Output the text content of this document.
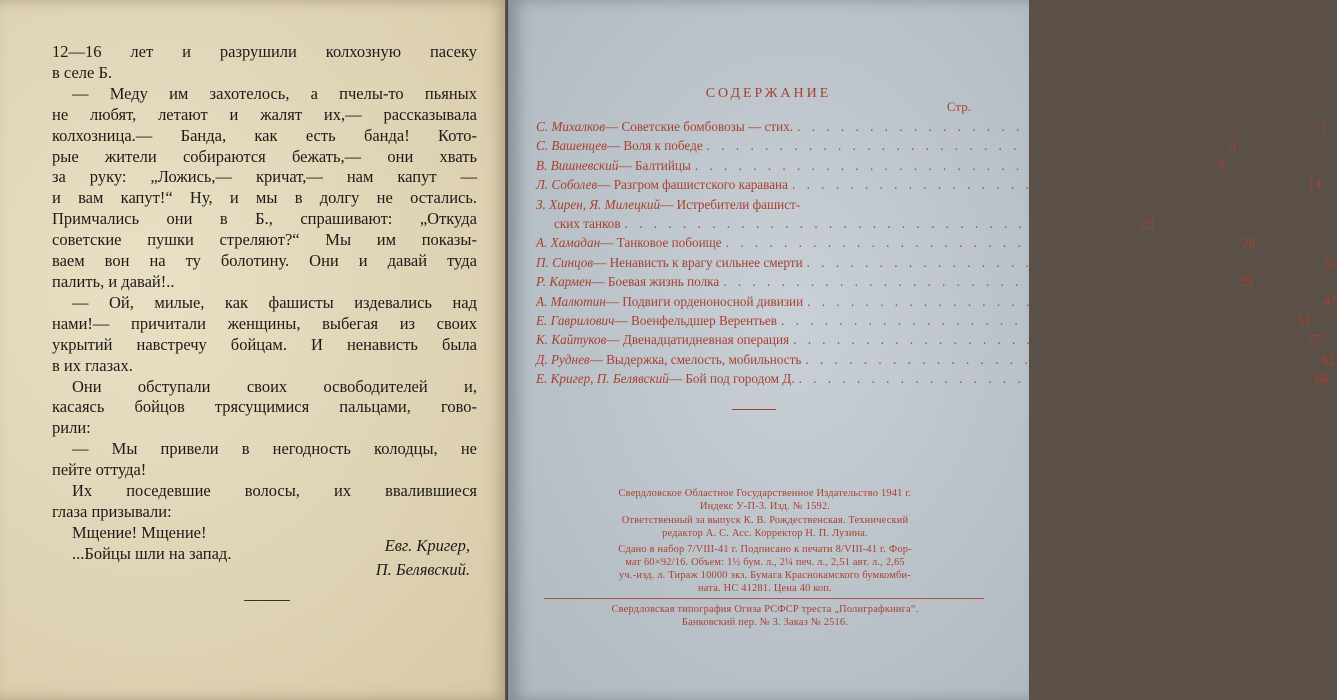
12—16 лет и разрушили колхозную пасеку
в селе Б.
— Меду им захотелось, а пчелы-то пьяных
не любят, летают и жалят их,— рассказывала
колхозница.— Банда, как есть банда! Кото-
рые жители собираются бежать,— они хвать
за руку: „Ложись,— кричат,— нам капут —
и вам капут!“ Ну, и мы в долгу не остались.
Примчались они в Б., спрашивают: „Откуда
советские пушки стреляют?“ Мы им показы-
ваем вон на ту болотину. Они и давай туда
палить, и давай!..
— Ой, милые, как фашисты издевались над
нами!— причитали женщины, выбегая из своих
укрытий навстречу бойцам. И ненависть была
в их глазах.
Они обступали своих освободителей и,
касаясь бойцов трясущимися пальцами, гово-
рили:
— Мы привели в негодность колодцы, не
пейте оттуда!
Их поседевшие волосы, их ввалившиеся
глаза призывали:
Мщение! Мщение!
...Бойцы шли на запад.	Евг. Кригер,
П. Белявский.
СОДЕРЖАНИЕ
Стр.
С. Михалков — Советские бомбовозы — стих. . . . . . . . . . . . . . . . . . . . . . . . . . . . . . . . . . . .	1
С. Вашенцев — Воля к победе . . . . . . . . . . . . . . . . . . . . . . . . . . . . . . . . . . .	4
В. Вишневский — Балтийцы . . . . . . . . . . . . . . . . . . . . . . . . . . . . . . . . . . .	9
Л. Соболев — Разгром фашистского каравана . . . . . . . . . . . . . . . . . . . . . . . . . . . . . . . . . . . 14
З. Хирен, Я. Милецкий — Истребители фашист-
ских танков . . . . . . . . . . . . . . . . . . . . . . . . . . . . . . . . . . . 23
А. Хамадан — Танковое побоище . . . . . . . . . . . . . . . . . . . . . . . . . . . . . . . . . . . 28
П. Синцов — Ненависть к врагу сильнее смерти . . . . . . . . . . . . . . . . . . . . . . . . . . . . . . . . . . . 33
Р. Кармен — Боевая жизнь полка . . . . . . . . . . . . . . . . . . . . . . . . . . . . . . . . . . . 39
А. Малютин — Подвиги орденоносной дивизии . . . . . . . . . . . . . . . . . . . . . . . . . . . . . . . . . . . 47
Е. Гаврилович — Военфельдшер Верентьев . . . . . . . . . . . . . . . . . . . . . . . . . . . . . . . . . . . 53
К. Кайтуков — Двенадцатидневная операция . . . . . . . . . . . . . . . . . . . . . . . . . . . . . . . . . . . 57
Д. Руднев — Выдержка, смелость, мобильность . . . . . . . . . . . . . . . . . . . . . . . . . . . . . . . . . . . 62
Е. Кригер, П. Белявский — Бой под городом Д. . . . . . . . . . . . . . . . . . . . . . . . . . . . . . . . . . . . 68
Свердловское Областное Государственное Издательство 1941 г.
Индекс У-П-3. Изд. № 1592.
Ответственный за выпуск К. В. Рождественская. Технический
редактор А. С. Асс. Корректор Н. П. Лузина.
Сдано в набор 7/VIII-41 г. Подписано к печати 8/VIII-41 г. Фор-
мат 60×92/16. Объем: 1½ бум. л., 2¼ печ. л., 2,51 авт. л., 2,65
уч.-изд. л. Тираж 10000 экз. Бумага Краснокамского бумкомби-
ната. НС 41281. Цена 40 коп.
Свердловская типография Огиза РСФСР треста „Полиграфкнига“.
Банковский пер. № 3. Заказ № 2516.
